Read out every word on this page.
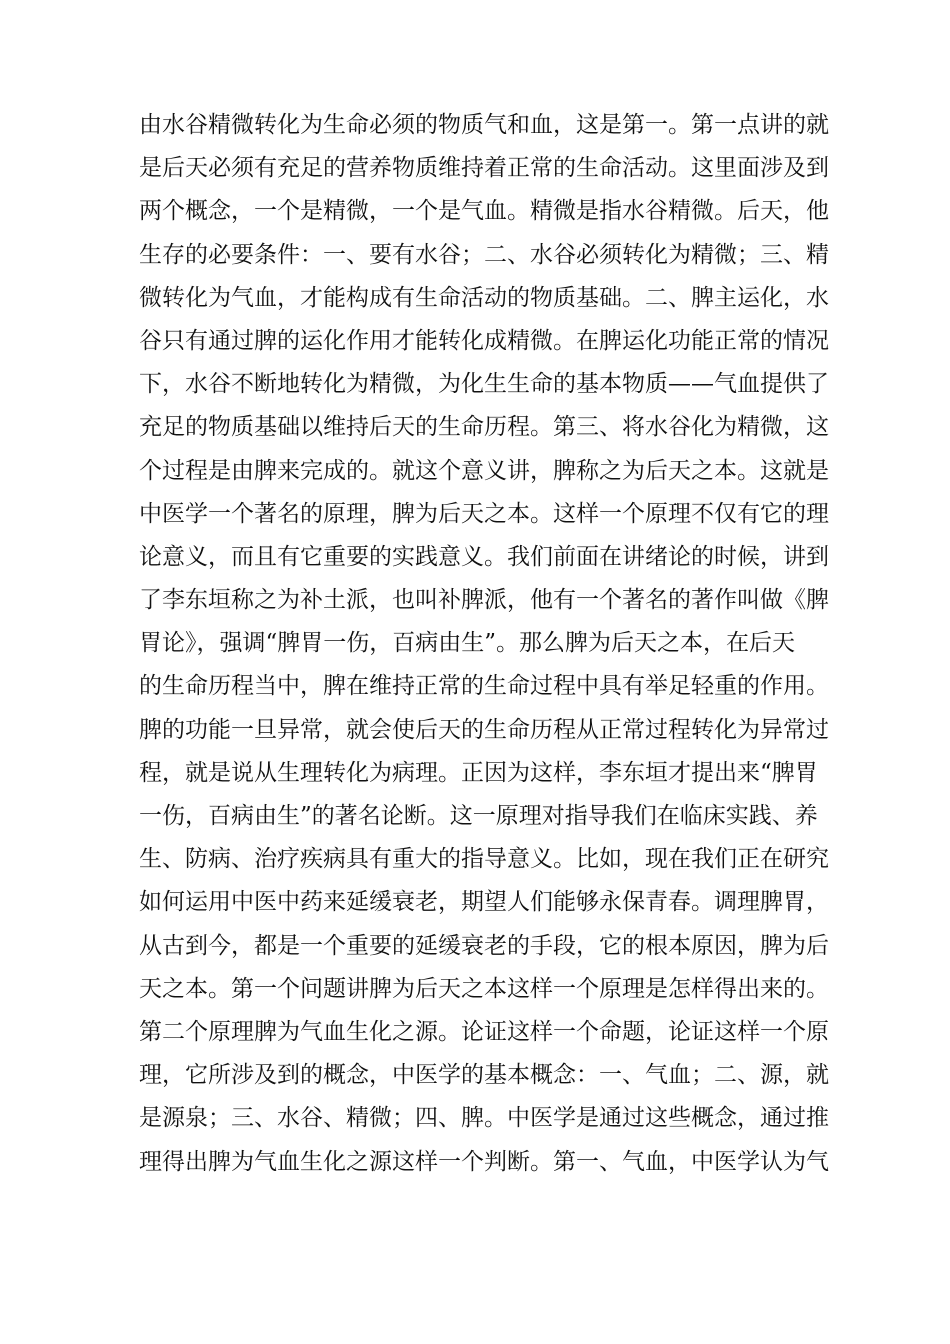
由水谷精微转化为生命必须的物质气和血，这是第一。第一点讲的就
是后天必须有充足的营养物质维持着正常的生命活动。这里面涉及到
两个概念，一个是精微，一个是气血。精微是指水谷精微。后天，他
生存的必要条件：一、要有水谷；二、水谷必须转化为精微；三、精
微转化为气血，才能构成有生命活动的物质基础。二、脾主运化，水
谷只有通过脾的运化作用才能转化成精微。在脾运化功能正常的情况
下，水谷不断地转化为精微，为化生生命的基本物质——气血提供了
充足的物质基础以维持后天的生命历程。第三、将水谷化为精微，这
个过程是由脾来完成的。就这个意义讲，脾称之为后天之本。这就是
中医学一个著名的原理，脾为后天之本。这样一个原理不仅有它的理
论意义，而且有它重要的实践意义。我们前面在讲绪论的时候，讲到
了李东垣称之为补土派，也叫补脾派，他有一个著名的著作叫做《脾
胃论》，强调“脾胃一伤，百病由生”。那么脾为后天之本，在后天
的生命历程当中，脾在维持正常的生命过程中具有举足轻重的作用。
脾的功能一旦异常，就会使后天的生命历程从正常过程转化为异常过
程，就是说从生理转化为病理。正因为这样，李东垣才提出来“脾胃
一伤，百病由生”的著名论断。这一原理对指导我们在临床实践、养
生、防病、治疗疾病具有重大的指导意义。比如，现在我们正在研究
如何运用中医中药来延缓衰老，期望人们能够永保青春。调理脾胃，
从古到今，都是一个重要的延缓衰老的手段，它的根本原因，脾为后
天之本。第一个问题讲脾为后天之本这样一个原理是怎样得出来的。
第二个原理脾为气血生化之源。论证这样一个命题，论证这样一个原
理，它所涉及到的概念，中医学的基本概念：一、气血；二、源，就
是源泉；三、水谷、精微；四、脾。中医学是通过这些概念，通过推
理得出脾为气血生化之源这样一个判断。第一、气血，中医学认为气
